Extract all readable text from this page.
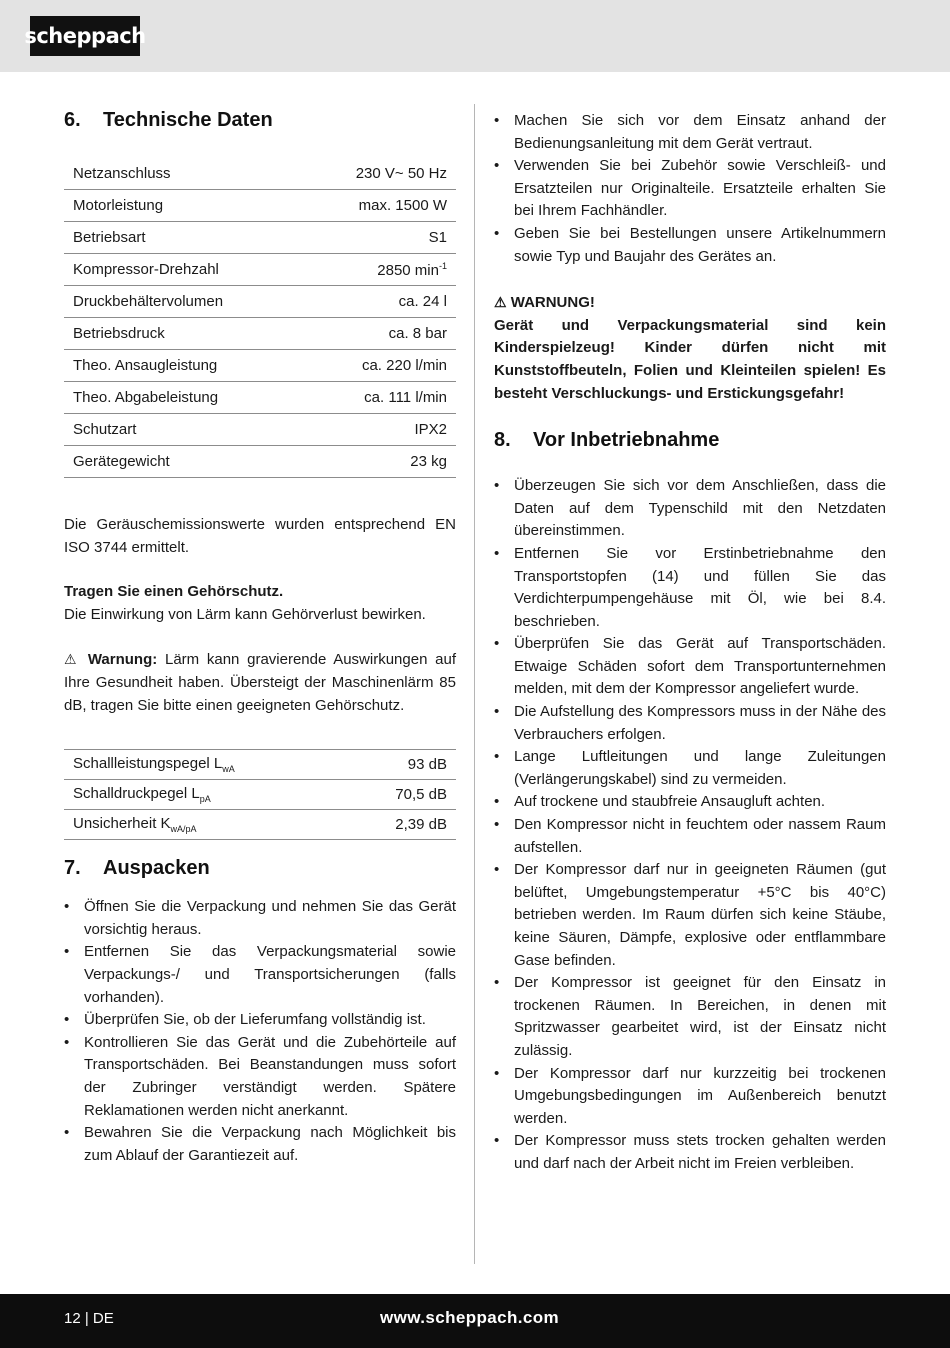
scheppach
6.	Technische Daten
Netzanschluss	230 V~ 50 Hz
Motorleistung	max. 1500 W
Betriebsart	S1
Kompressor-Drehzahl	2850 $\min^{-1}$
Druckbehältervolumen	ca. 24 l
Betriebsdruck	ca. 8 bar
Theo. Ansaugleistung	ca. 220 l/min
Theo. Abgabeleistung	ca. 111 l/min
Schutzart	IPX2
Gerätegewicht	23 kg

Die Geräuschemissionswerte wurden entsprechend EN ISO 3744 ermittelt.

Tragen Sie einen Gehörschutz.
Die Einwirkung von Lärm kann Gehörverlust bewirken.

⚠ Warnung: Lärm kann gravierende Auswirkungen auf Ihre Gesundheit haben. Übersteigt der Maschinenlärm 85 dB, tragen Sie bitte einen geeigneten Gehörschutz.

Schallleistungspegel $L_{wA}$	93 dB
Schalldruckpegel $L_{pA}$	70,5 dB
Unsicherheit $K_{wA/pA}$	2,39 dB
7.	Auspacken
• Öffnen Sie die Verpackung und nehmen Sie das Gerät vorsichtig heraus.
• Entfernen Sie das Verpackungsmaterial sowie Verpackungs-/ und Transportsicherungen (falls vorhanden).
• Überprüfen Sie, ob der Lieferumfang vollständig ist.
• Kontrollieren Sie das Gerät und die Zubehörteile auf Transportschäden. Bei Beanstandungen muss sofort der Zubringer verständigt werden. Spätere Reklamationen werden nicht anerkannt.
• Bewahren Sie die Verpackung nach Möglichkeit bis zum Ablauf der Garantiezeit auf.
• Machen Sie sich vor dem Einsatz anhand der Bedienungsanleitung mit dem Gerät vertraut.
• Verwenden Sie bei Zubehör sowie Verschleiß- und Ersatzteilen nur Originalteile. Ersatzteile erhalten Sie bei Ihrem Fachhändler.
• Geben Sie bei Bestellungen unsere Artikelnummern sowie Typ und Baujahr des Gerätes an.

⚠ WARNUNG!
Gerät und Verpackungsmaterial sind kein Kinderspielzeug! Kinder dürfen nicht mit Kunststoffbeuteln, Folien und Kleinteilen spielen! Es besteht Verschluckungs- und Erstickungsgefahr!

8.	Vor Inbetriebnahme
• Überzeugen Sie sich vor dem Anschließen, dass die Daten auf dem Typenschild mit den Netzdaten übereinstimmen.
• Entfernen Sie vor Erstinbetriebnahme den Transportstopfen (14) und füllen Sie das Verdichterpumpengehäuse mit Öl, wie bei 8.4. beschrieben.
• Überprüfen Sie das Gerät auf Transportschäden. Etwaige Schäden sofort dem Transportunternehmen melden, mit dem der Kompressor angeliefert wurde.
• Die Aufstellung des Kompressors muss in der Nähe des Verbrauchers erfolgen.
• Lange Luftleitungen und lange Zuleitungen (Verlängerungskabel) sind zu vermeiden.
• Auf trockene und staubfreie Ansaugluft achten.
• Den Kompressor nicht in feuchtem oder nassem Raum aufstellen.
• Der Kompressor darf nur in geeigneten Räumen (gut belüftet, Umgebungstemperatur +5°C bis 40°C) betrieben werden. Im Raum dürfen sich keine Stäube, keine Säuren, Dämpfe, explosive oder entflammbare Gase befinden.
• Der Kompressor ist geeignet für den Einsatz in trockenen Räumen. In Bereichen, in denen mit Spritzwasser gearbeitet wird, ist der Einsatz nicht zulässig.
• Der Kompressor darf nur kurzzeitig bei trockenen Umgebungsbedingungen im Außenbereich benutzt werden.
• Der Kompressor muss stets trocken gehalten werden und darf nach der Arbeit nicht im Freien verbleiben.
12 | DE	www.scheppach.com
